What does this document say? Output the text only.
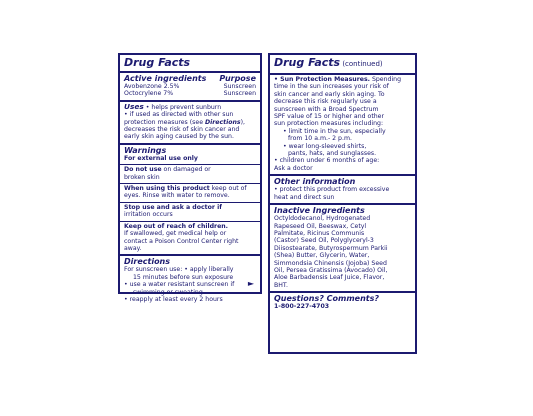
Drug Facts
Active ingredients Purpose
Avobenzone 2.5%	Sunscreen
Octocrylene 7%	Sunscreen
Uses • helps prevent sunburn
• if used as directed with other sun
protection measures (see Directions),
decreases the risk of skin cancer and
early skin aging caused by the sun.
Warnings
For external use only
Do not use on damaged or
broken skin
When using this product keep out of
eyes. Rinse with water to remove.
Stop use and ask a doctor if
irritation occurs
Keep out of reach of children.
If swallowed, get medical help or
contact a Poison Control Center right
away.
Directions
For sunscreen use: • apply liberally
15 minutes before sun exposure
• use a water resistant sunscreen if
swimming or sweating
• reapply at least every 2 hours
►
Drug Facts (continued)
• Sun Protection Measures. Spending
time in the sun increases your risk of
skin cancer and early skin aging. To
decrease this risk regularly use a
sunscreen with a Broad Spectrum
SPF value of 15 or higher and other
sun protection measures including:
• limit time in the sun, especially
from 10 a.m.- 2 p.m.
• wear long-sleeved shirts,
pants, hats, and sunglasses.
• children under 6 months of age:
Ask a doctor
Other information
• protect this product from excessive
heat and direct sun
Inactive Ingredients
Octyldodecanol, Hydrogenated
Rapeseed Oil, Beeswax, Cetyl
Palmitate, Ricinus Communis
(Castor) Seed Oil, Polyglyceryl-3
Diisostearate, Butyrospermum Parkii
(Shea) Butter, Glycerin, Water,
Simmondsia Chinensis (Jojoba) Seed
Oil, Persea Gratissima (Avocado) Oil,
Aloe Barbadensis Leaf Juice, Flavor,
BHT.
Questions? Comments?
1-800-227-4703
